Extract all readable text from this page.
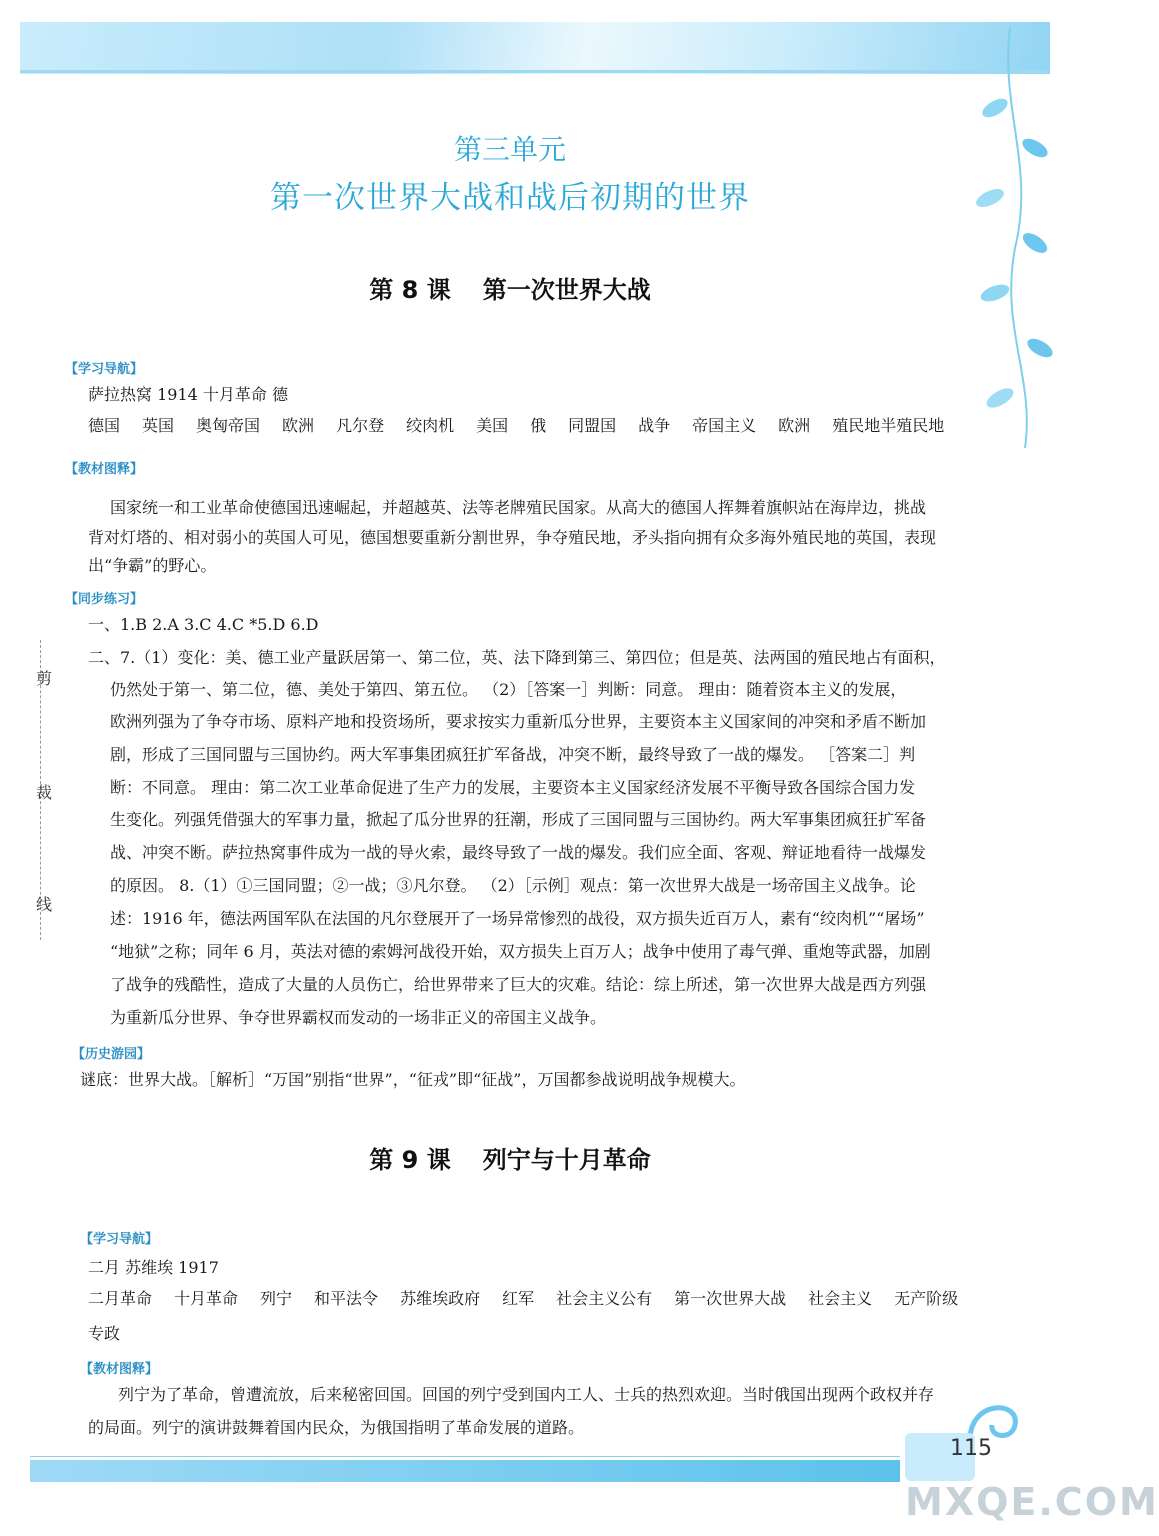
第三单元
第一次世界大战和战后初期的世界
第 8 课 第一次世界大战
【学习导航】
萨拉热窝 1914 十月革命 德
德国 英国 奥匈帝国 欧洲 凡尔登 绞肉机 美国 俄 同盟国 战争 帝国主义 欧洲 殖民地半殖民地
【教材图释】
国家统一和工业革命使德国迅速崛起，并超越英、法等老牌殖民国家。从高大的德国人挥舞着旗帜站在海岸边，挑战
背对灯塔的、相对弱小的英国人可见，德国想要重新分割世界，争夺殖民地，矛头指向拥有众多海外殖民地的英国，表现
出“争霸”的野心。
【同步练习】
一、1.B 2.A 3.C 4.C *5.D 6.D
二、7.（1）变化：美、德工业产量跃居第一、第二位，英、法下降到第三、第四位；但是英、法两国的殖民地占有面积，
仍然处于第一、第二位，德、美处于第四、第五位。 （2）［答案一］判断：同意。 理由：随着资本主义的发展，
欧洲列强为了争夺市场、原料产地和投资场所，要求按实力重新瓜分世界，主要资本主义国家间的冲突和矛盾不断加
剧，形成了三国同盟与三国协约。两大军事集团疯狂扩军备战，冲突不断，最终导致了一战的爆发。 ［答案二］判
断：不同意。 理由：第二次工业革命促进了生产力的发展，主要资本主义国家经济发展不平衡导致各国综合国力发
生变化。列强凭借强大的军事力量，掀起了瓜分世界的狂潮，形成了三国同盟与三国协约。两大军事集团疯狂扩军备
战、冲突不断。萨拉热窝事件成为一战的导火索，最终导致了一战的爆发。我们应全面、客观、辩证地看待一战爆发
的原因。 8.（1）①三国同盟；②一战；③凡尔登。 （2）［示例］观点：第一次世界大战是一场帝国主义战争。论
述：1916 年，德法两国军队在法国的凡尔登展开了一场异常惨烈的战役，双方损失近百万人，素有“绞肉机”“屠场”
“地狱”之称；同年 6 月，英法对德的索姆河战役开始，双方损失上百万人；战争中使用了毒气弹、重炮等武器，加剧
了战争的残酷性，造成了大量的人员伤亡，给世界带来了巨大的灾难。结论：综上所述，第一次世界大战是西方列强
为重新瓜分世界、争夺世界霸权而发动的一场非正义的帝国主义战争。
【历史游园】
谜底：世界大战。［解析］“万国”别指“世界”，“征戎”即“征战”，万国都参战说明战争规模大。
第 9 课 列宁与十月革命
【学习导航】
二月 苏维埃 1917
二月革命 十月革命 列宁 和平法令 苏维埃政府 红军 社会主义公有 第一次世界大战 社会主义 无产阶级
专政
【教材图释】
列宁为了革命，曾遭流放，后来秘密回国。回国的列宁受到国内工人、士兵的热烈欢迎。当时俄国出现两个政权并存
的局面。列宁的演讲鼓舞着国内民众，为俄国指明了革命发展的道路。
剪
裁
线
115
MXQE.COM
